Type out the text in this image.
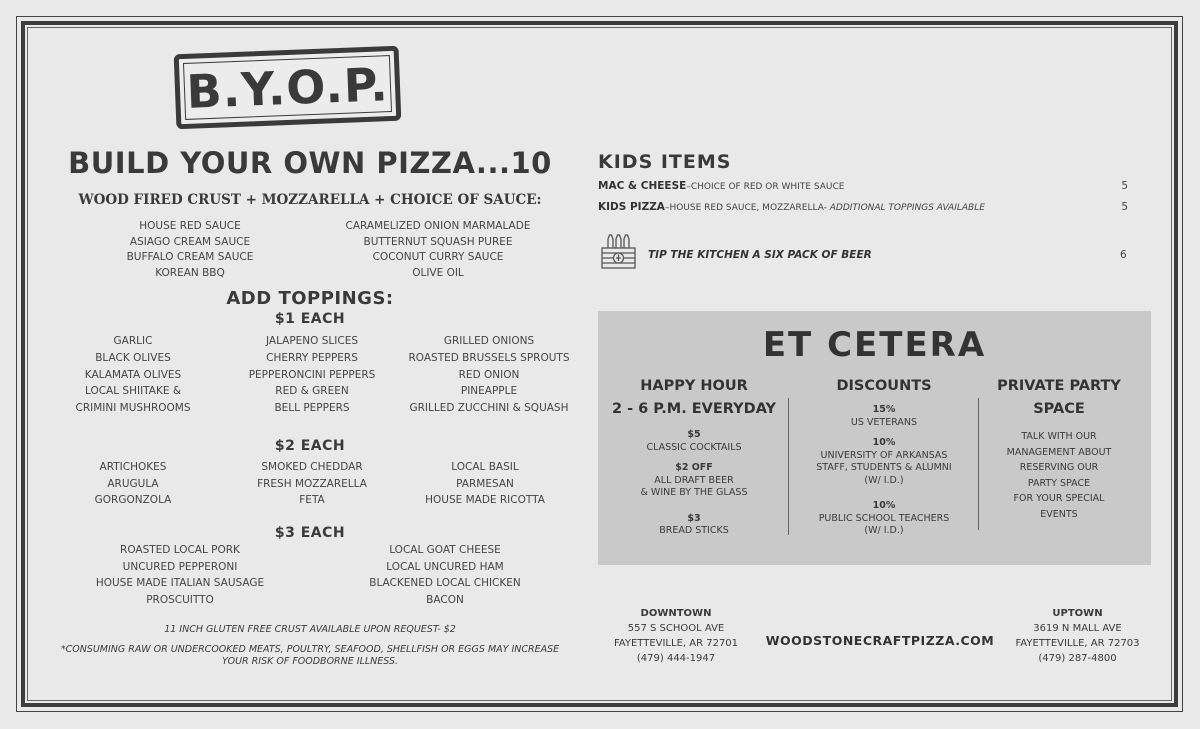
B.Y.O.P.
BUILD YOUR OWN PIZZA...10
WOOD FIRED CRUST + MOZZARELLA + CHOICE OF SAUCE:
HOUSE RED SAUCE
ASIAGO CREAM SAUCE
BUFFALO CREAM SAUCE
KOREAN BBQ
CARAMELIZED ONION MARMALADE
BUTTERNUT SQUASH PUREE
COCONUT CURRY SAUCE
OLIVE OIL
ADD TOPPINGS:
$1 EACH
GARLIC
BLACK OLIVES
KALAMATA OLIVES
LOCAL SHIITAKE &
CRIMINI MUSHROOMS
JALAPENO SLICES
CHERRY PEPPERS
PEPPERONCINI PEPPERS
RED & GREEN
BELL PEPPERS
GRILLED ONIONS
ROASTED BRUSSELS SPROUTS
RED ONION
PINEAPPLE
GRILLED ZUCCHINI & SQUASH
$2 EACH
ARTICHOKES
ARUGULA
GORGONZOLA
SMOKED CHEDDAR
FRESH MOZZARELLA
FETA
LOCAL BASIL
PARMESAN
HOUSE MADE RICOTTA
$3 EACH
ROASTED LOCAL PORK
UNCURED PEPPERONI
HOUSE MADE ITALIAN SAUSAGE
PROSCUITTO
LOCAL GOAT CHEESE
LOCAL UNCURED HAM
BLACKENED LOCAL CHICKEN
BACON
11 INCH GLUTEN FREE CRUST AVAILABLE UPON REQUEST- $2
*CONSUMING RAW OR UNDERCOOKED MEATS, POULTRY, SEAFOOD, SHELLFISH OR EGGS MAY INCREASE
YOUR RISK OF FOODBORNE ILLNESS.
KIDS ITEMS
MAC & CHEESE–CHOICE OF RED OR WHITE SAUCE	5
KIDS PIZZA–HOUSE RED SAUCE, MOZZARELLA- ADDITIONAL TOPPINGS AVAILABLE	5
TIP THE KITCHEN A SIX PACK OF BEER	6
ET CETERA
HAPPY HOUR
2 - 6 P.M. EVERYDAY
$5
CLASSIC COCKTAILS
$2 OFF
ALL DRAFT BEER
& WINE BY THE GLASS
$3
BREAD STICKS
DISCOUNTS
15%
US VETERANS
10%
UNIVERSITY OF ARKANSAS
STAFF, STUDENTS & ALUMNI
(W/ I.D.)
10%
PUBLIC SCHOOL TEACHERS
(W/ I.D.)
PRIVATE PARTY
SPACE
TALK WITH OUR
MANAGEMENT ABOUT
RESERVING OUR
PARTY SPACE
FOR YOUR SPECIAL
EVENTS
DOWNTOWN
557 S SCHOOL AVE
FAYETTEVILLE, AR 72701
(479) 444-1947
WOODSTONECRAFTPIZZA.COM
UPTOWN
3619 N MALL AVE
FAYETTEVILLE, AR 72703
(479) 287-4800
